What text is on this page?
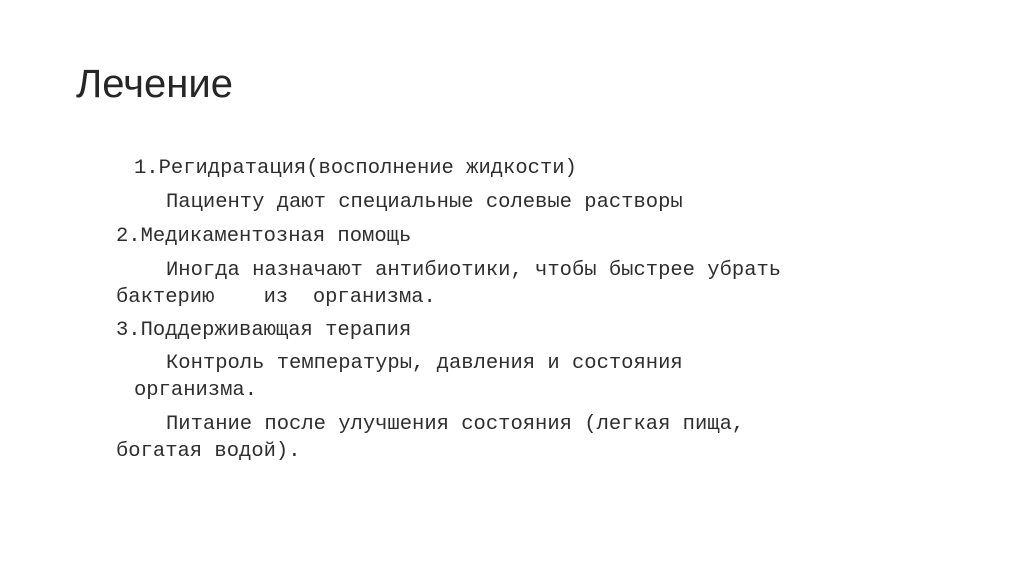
Лечение

1.Регидратация(восполнение жидкости)

Пациенту дают специальные солевые растворы

2.Медикаментозная помощь

Иногда назначают антибиотики, чтобы быстрее убрать

бактерию    из  организма.

3.Поддерживающая терапия

Контроль температуры, давления и состояния

организма.

Питание после улучшения состояния (легкая пища,

богатая водой).
